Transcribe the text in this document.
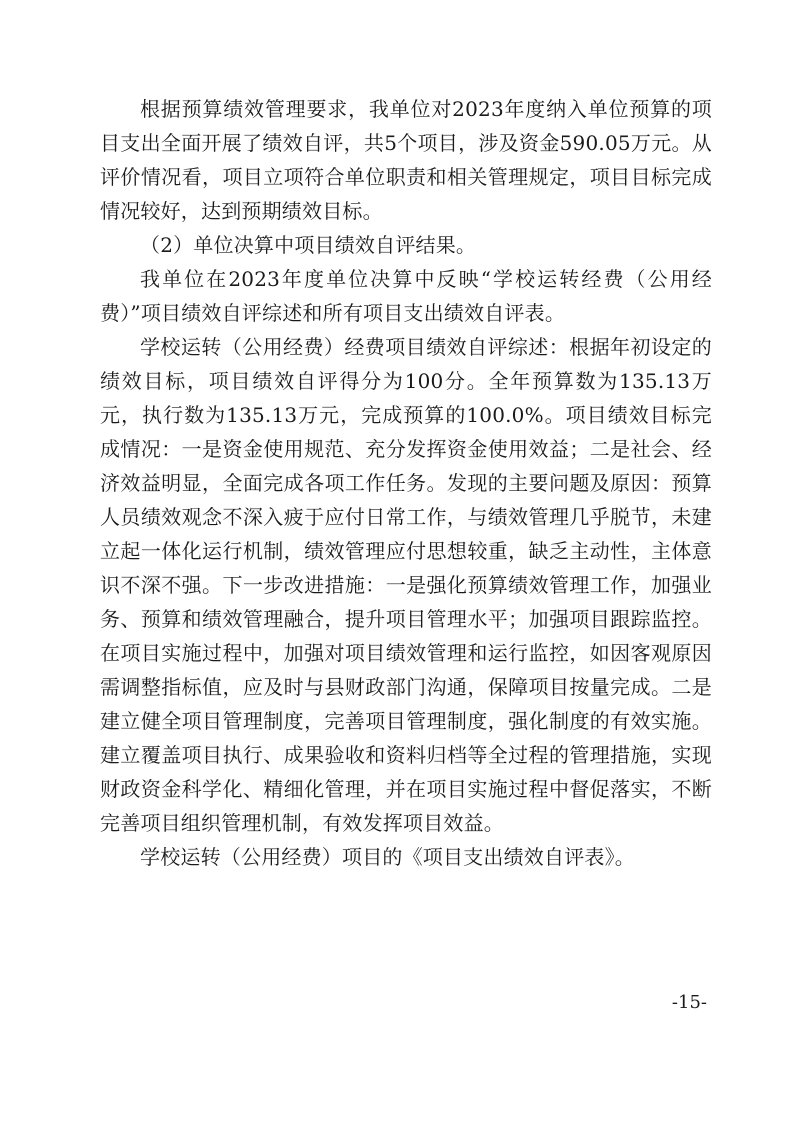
根据预算绩效管理要求，我单位对2023年度纳入单位预算的项目支出全面开展了绩效自评，共5个项目，涉及资金590.05万元。从评价情况看，项目立项符合单位职责和相关管理规定，项目目标完成情况较好，达到预期绩效目标。

（2）单位决算中项目绩效自评结果。

我单位在2023年度单位决算中反映“学校运转经费（公用经费）”项目绩效自评综述和所有项目支出绩效自评表。

学校运转（公用经费）经费项目绩效自评综述：根据年初设定的绩效目标，项目绩效自评得分为100分。全年预算数为135.13万元，执行数为135.13万元，完成预算的100.0%。项目绩效目标完成情况：一是资金使用规范、充分发挥资金使用效益；二是社会、经济效益明显，全面完成各项工作任务。发现的主要问题及原因：预算人员绩效观念不深入疲于应付日常工作，与绩效管理几乎脱节，未建立起一体化运行机制，绩效管理应付思想较重，缺乏主动性，主体意识不深不强。下一步改进措施：一是强化预算绩效管理工作，加强业务、预算和绩效管理融合，提升项目管理水平；加强项目跟踪监控。在项目实施过程中，加强对项目绩效管理和运行监控，如因客观原因需调整指标值，应及时与县财政部门沟通，保障项目按量完成。二是建立健全项目管理制度，完善项目管理制度，强化制度的有效实施。建立覆盖项目执行、成果验收和资料归档等全过程的管理措施，实现财政资金科学化、精细化管理，并在项目实施过程中督促落实，不断完善项目组织管理机制，有效发挥项目效益。

学校运转（公用经费）项目的《项目支出绩效自评表》。

-15-
